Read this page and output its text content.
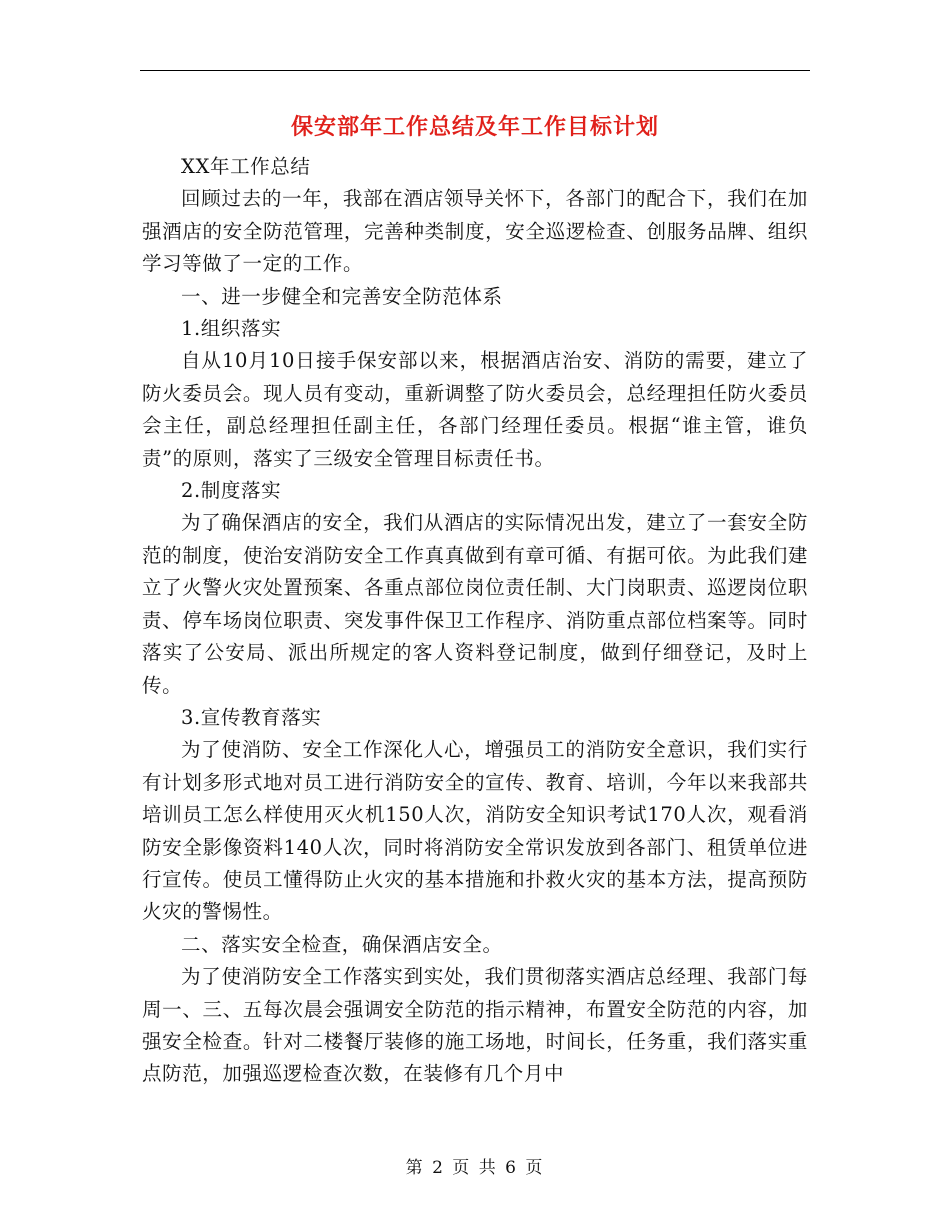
保安部年工作总结及年工作目标计划

XX年工作总结

回顾过去的一年，我部在酒店领导关怀下，各部门的配合下，我们在加强酒店的安全防范管理，完善种类制度，安全巡逻检查、创服务品牌、组织学习等做了一定的工作。

一、进一步健全和完善安全防范体系

1.组织落实

自从10月10日接手保安部以来，根据酒店治安、消防的需要，建立了防火委员会。现人员有变动，重新调整了防火委员会，总经理担任防火委员会主任，副总经理担任副主任，各部门经理任委员。根据“谁主管，谁负责”的原则，落实了三级安全管理目标责任书。

2.制度落实

为了确保酒店的安全，我们从酒店的实际情况出发，建立了一套安全防范的制度，使治安消防安全工作真真做到有章可循、有据可依。为此我们建立了火警火灾处置预案、各重点部位岗位责任制、大门岗职责、巡逻岗位职责、停车场岗位职责、突发事件保卫工作程序、消防重点部位档案等。同时落实了公安局、派出所规定的客人资料登记制度，做到仔细登记，及时上传。

3.宣传教育落实

为了使消防、安全工作深化人心，增强员工的消防安全意识，我们实行有计划多形式地对员工进行消防安全的宣传、教育、培训，今年以来我部共培训员工怎么样使用灭火机150人次，消防安全知识考试170人次，观看消防安全影像资料140人次，同时将消防安全常识发放到各部门、租赁单位进行宣传。使员工懂得防止火灾的基本措施和扑救火灾的基本方法，提高预防火灾的警惕性。

二、落实安全检查，确保酒店安全。

为了使消防安全工作落实到实处，我们贯彻落实酒店总经理、我部门每周一、三、五每次晨会强调安全防范的指示精神，布置安全防范的内容，加强安全检查。针对二楼餐厅装修的施工场地，时间长，任务重，我们落实重点防范，加强巡逻检查次数，在装修有几个月中

第 2 页 共 6 页
